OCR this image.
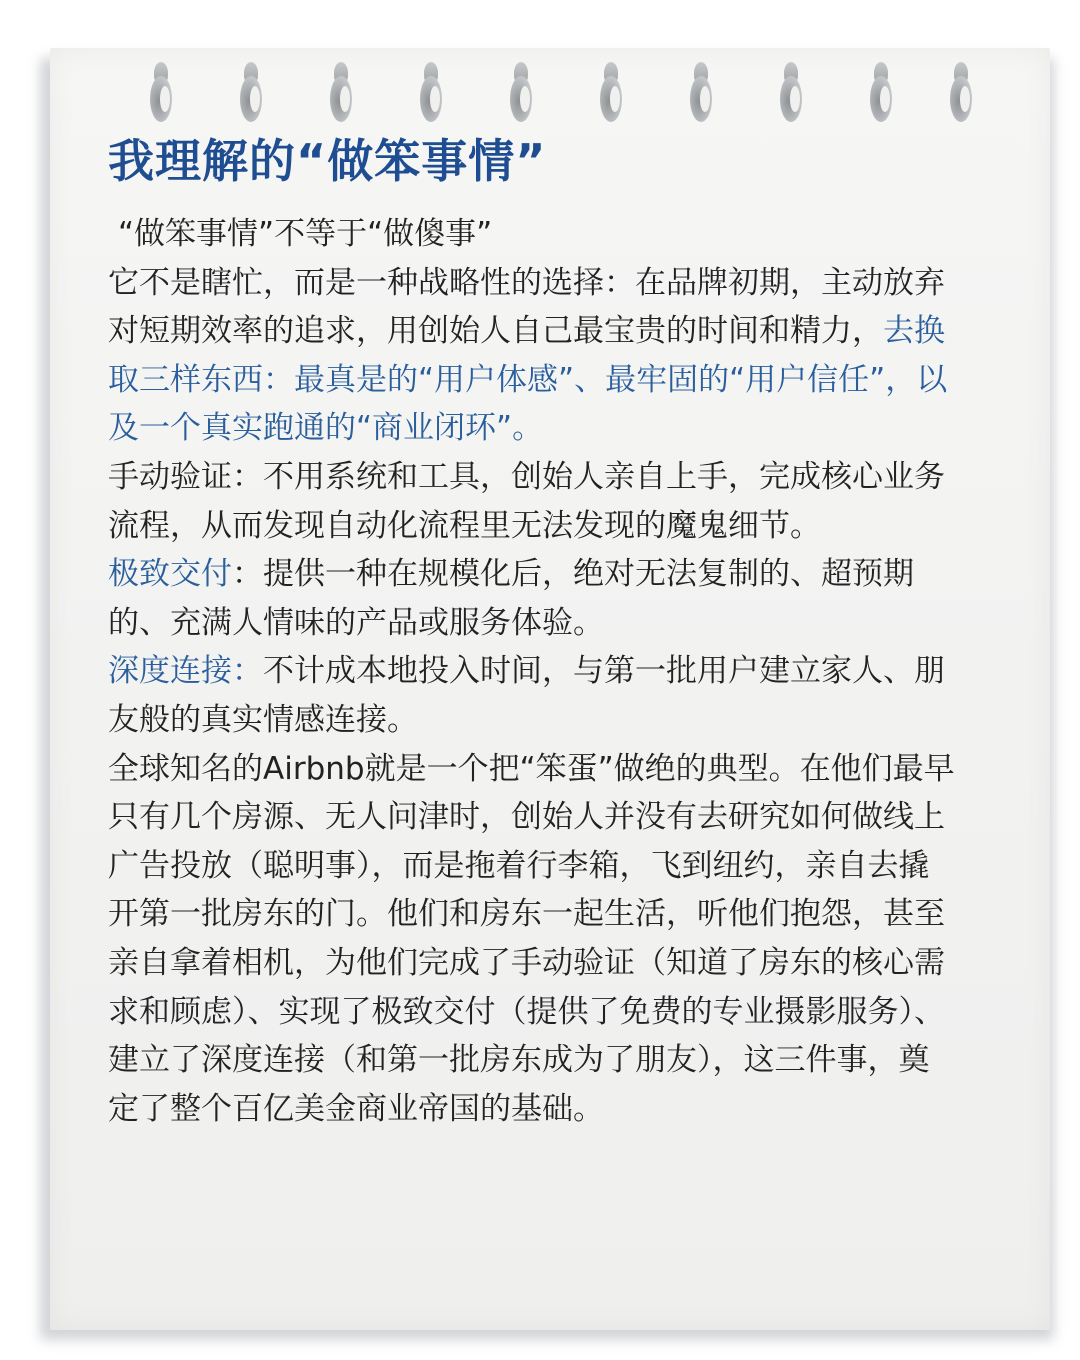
我理解的“做笨事情”

“做笨事情”不等于“做傻事”

它不是瞎忙，而是一种战略性的选择：在品牌初期，主动放弃对短期效率的追求，用创始人自己最宝贵的时间和精力，去换取三样东西：最真是的“用户体感”、最牢固的“用户信任”，以及一个真实跑通的“商业闭环”。

手动验证：不用系统和工具，创始人亲自上手，完成核心业务流程，从而发现自动化流程里无法发现的魔鬼细节。

极致交付：提供一种在规模化后，绝对无法复制的、超预期的、充满人情味的产品或服务体验。

深度连接：不计成本地投入时间，与第一批用户建立家人、朋友般的真实情感连接。

全球知名的Airbnb就是一个把“笨蛋”做绝的典型。在他们最早只有几个房源、无人问津时，创始人并没有去研究如何做线上广告投放（聪明事），而是拖着行李箱，飞到纽约，亲自去撬开第一批房东的门。他们和房东一起生活，听他们抱怨，甚至亲自拿着相机，为他们完成了手动验证（知道了房东的核心需求和顾虑）、实现了极致交付（提供了免费的专业摄影服务）、建立了深度连接（和第一批房东成为了朋友），这三件事，奠定了整个百亿美金商业帝国的基础。
